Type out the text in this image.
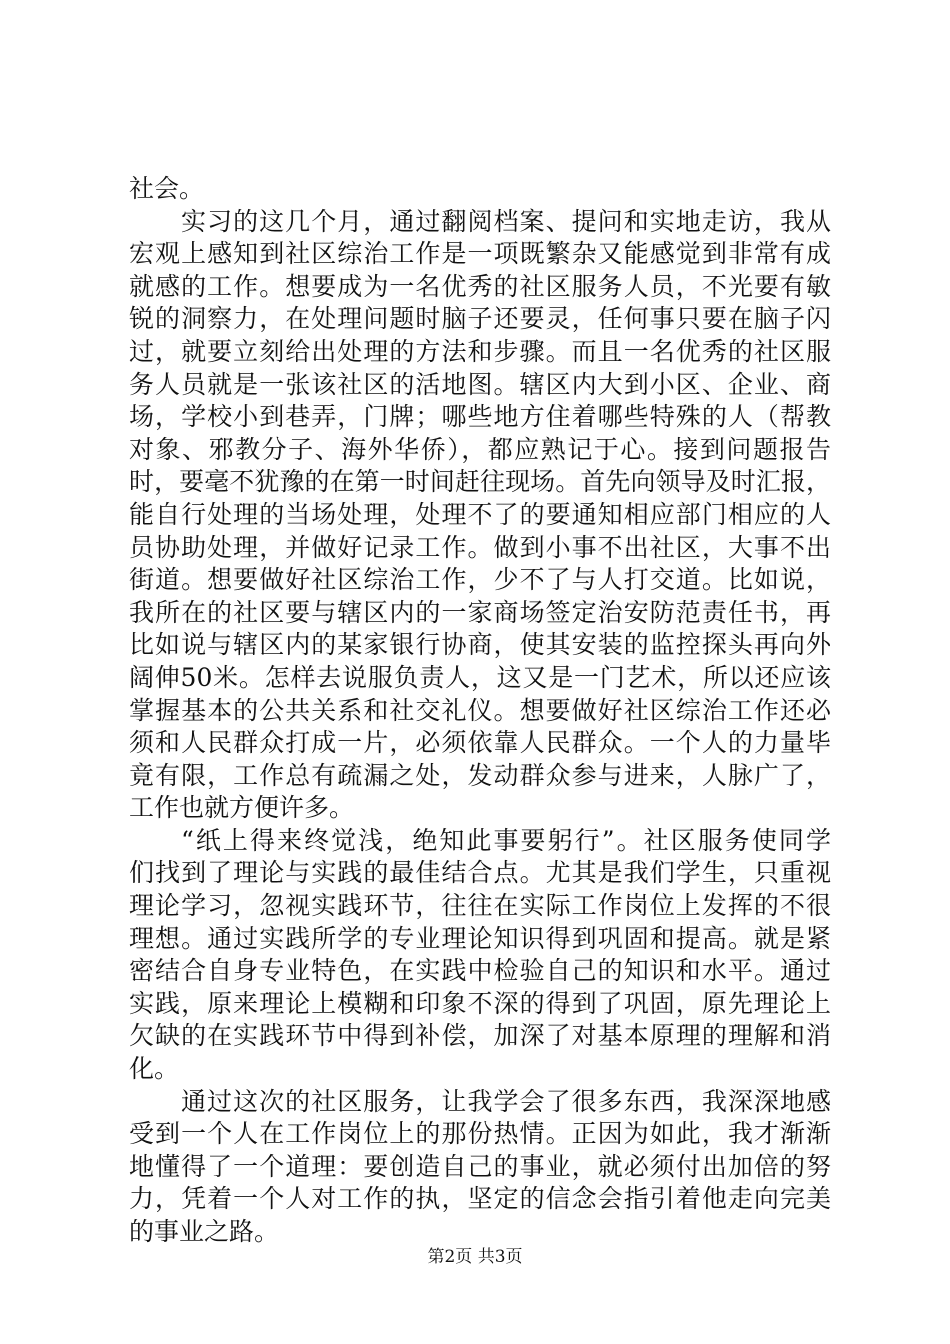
社会。
实习的这几个月，通过翻阅档案、提问和实地走访，我从
宏观上感知到社区综治工作是一项既繁杂又能感觉到非常有成
就感的工作。想要成为一名优秀的社区服务人员，不光要有敏
锐的洞察力，在处理问题时脑子还要灵，任何事只要在脑子闪
过，就要立刻给出处理的方法和步骤。而且一名优秀的社区服
务人员就是一张该社区的活地图。辖区内大到小区、企业、商
场，学校小到巷弄，门牌；哪些地方住着哪些特殊的人（帮教
对象、邪教分子、海外华侨），都应熟记于心。接到问题报告
时，要毫不犹豫的在第一时间赶往现场。首先向领导及时汇报，
能自行处理的当场处理，处理不了的要通知相应部门相应的人
员协助处理，并做好记录工作。做到小事不出社区，大事不出
街道。想要做好社区综治工作，少不了与人打交道。比如说，
我所在的社区要与辖区内的一家商场签定治安防范责任书，再
比如说与辖区内的某家银行协商，使其安装的监控探头再向外
阔伸50米。怎样去说服负责人，这又是一门艺术，所以还应该
掌握基本的公共关系和社交礼仪。想要做好社区综治工作还必
须和人民群众打成一片，必须依靠人民群众。一个人的力量毕
竟有限，工作总有疏漏之处，发动群众参与进来，人脉广了，
工作也就方便许多。
“纸上得来终觉浅，绝知此事要躬行”。社区服务使同学
们找到了理论与实践的最佳结合点。尤其是我们学生，只重视
理论学习，忽视实践环节，往往在实际工作岗位上发挥的不很
理想。通过实践所学的专业理论知识得到巩固和提高。就是紧
密结合自身专业特色，在实践中检验自己的知识和水平。通过
实践，原来理论上模糊和印象不深的得到了巩固，原先理论上
欠缺的在实践环节中得到补偿，加深了对基本原理的理解和消
化。
通过这次的社区服务，让我学会了很多东西，我深深地感
受到一个人在工作岗位上的那份热情。正因为如此，我才渐渐
地懂得了一个道理：要创造自己的事业，就必须付出加倍的努
力，凭着一个人对工作的执，坚定的信念会指引着他走向完美
的事业之路。
第2页 共3页
